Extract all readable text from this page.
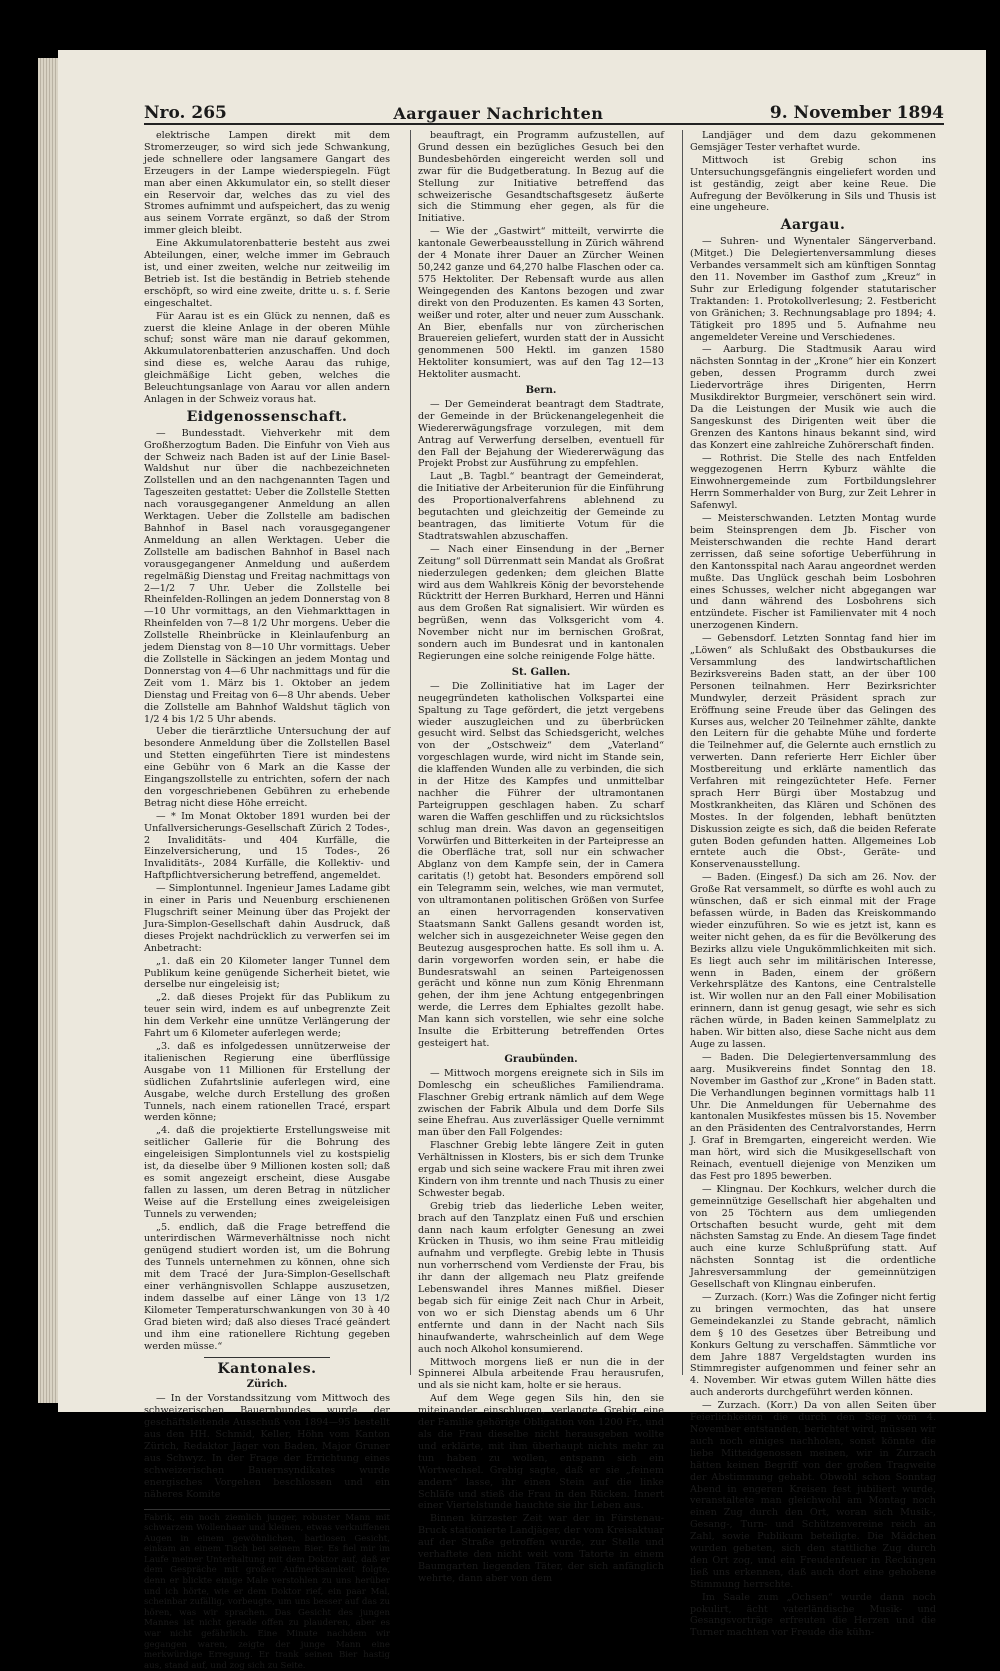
Nro. 265	Aargauer Nachrichten	9. November 1894

elektrische Lampen direkt mit dem Stromerzeuger, so wird sich jede Schwankung, jede schnellere oder langsamere Gangart des Erzeugers in der Lampe wiederspiegeln. Fügt man aber einen Akkumulator ein, so stellt dieser ein Reservoir dar, welches das zu viel des Stromes aufnimmt und aufspeichert, das zu wenig aus seinem Vorrate ergänzt, so daß der Strom immer gleich bleibt.

Eine Akkumulatorenbatterie besteht aus zwei Abteilungen, einer, welche immer im Gebrauch ist, und einer zweiten, welche nur zeitweilig im Betrieb ist. Ist die beständig in Betrieb stehende erschöpft, so wird eine zweite, dritte u. s. f. Serie eingeschaltet.

Für Aarau ist es ein Glück zu nennen, daß es zuerst die kleine Anlage in der oberen Mühle schuf; sonst wäre man nie darauf gekommen, Akkumulatorenbatterien anzuschaffen. Und doch sind diese es, welche Aarau das ruhige, gleichmäßige Licht geben, welches die Beleuchtungsanlage von Aarau vor allen andern Anlagen in der Schweiz voraus hat.

Eidgenossenschaft.

— Bundesstadt. Viehverkehr mit dem Großherzogtum Baden. Die Einfuhr von Vieh aus der Schweiz nach Baden ist auf der Linie Basel-Waldshut nur über die nachbezeichneten Zollstellen und an den nachgenannten Tagen und Tageszeiten gestattet: Ueber die Zollstelle Stetten nach vorausgegangener Anmeldung an allen Werktagen. Ueber die Zollstelle am badischen Bahnhof in Basel nach vorausgegangener Anmeldung an allen Werktagen. Ueber die Zollstelle am badischen Bahnhof in Basel nach vorausgegangener Anmeldung und außerdem regelmäßig Dienstag und Freitag nachmittags von 2—1/2 7 Uhr. Ueber die Zollstelle bei Rheinfelden-Rollingen an jedem Donnerstag von 8—10 Uhr vormittags, an den Viehmarkttagen in Rheinfelden von 7—8 1/2 Uhr morgens. Ueber die Zollstelle Rheinbrücke in Kleinlaufenburg an jedem Dienstag von 8—10 Uhr vormittags. Ueber die Zollstelle in Säckingen an jedem Montag und Donnerstag von 4—6 Uhr nachmittags und für die Zeit vom 1. März bis 1. Oktober an jedem Dienstag und Freitag von 6—8 Uhr abends. Ueber die Zollstelle am Bahnhof Waldshut täglich von 1/2 4 bis 1/2 5 Uhr abends.

Ueber die tierärztliche Untersuchung der auf besondere Anmeldung über die Zollstellen Basel und Stetten eingeführten Tiere ist mindestens eine Gebühr von 6 Mark an die Kasse der Eingangszollstelle zu entrichten, sofern der nach den vorgeschriebenen Gebühren zu erhebende Betrag nicht diese Höhe erreicht.

— * Im Monat Oktober 1891 wurden bei der Unfallversicherungs-Gesellschaft Zürich 2 Todes-, 2 Invaliditäts- und 404 Kurfälle, die Einzelversicherung, und 15 Todes-, 26 Invaliditäts-, 2084 Kurfälle, die Kollektiv- und Haftpflichtversicherung betreffend, angemeldet.

— Simplontunnel. Ingenieur James Ladame gibt in einer in Paris und Neuenburg erschienenen Flugschrift seiner Meinung über das Projekt der Jura-Simplon-Gesellschaft dahin Ausdruck, daß dieses Projekt nachdrücklich zu verwerfen sei im Anbetracht:

„1. daß ein 20 Kilometer langer Tunnel dem Publikum keine genügende Sicherheit bietet, wie derselbe nur eingeleisig ist;

„2. daß dieses Projekt für das Publikum zu teuer sein wird, indem es auf unbegrenzte Zeit hin dem Verkehr eine unnütze Verlängerung der Fahrt um 6 Kilometer auferlegen werde;

„3. daß es infolgedessen unnützerweise der italienischen Regierung eine überflüssige Ausgabe von 11 Millionen für Erstellung der südlichen Zufahrtslinie auferlegen wird, eine Ausgabe, welche durch Erstellung des großen Tunnels, nach einem rationellen Tracé, erspart werden könne;

„4. daß die projektierte Erstellungsweise mit seitlicher Gallerie für die Bohrung des eingeleisigen Simplontunnels viel zu kostspielig ist, da dieselbe über 9 Millionen kosten soll; daß es somit angezeigt erscheint, diese Ausgabe fallen zu lassen, um deren Betrag in nützlicher Weise auf die Erstellung eines zweigeleisigen Tunnels zu verwenden;

„5. endlich, daß die Frage betreffend die unterirdischen Wärmeverhältnisse noch nicht genügend studiert worden ist, um die Bohrung des Tunnels unternehmen zu können, ohne sich mit dem Tracé der Jura-Simplon-Gesellschaft einer verhängnisvollen Schlappe auszusetzen, indem dasselbe auf einer Länge von 13 1/2 Kilometer Temperaturschwankungen von 30 à 40 Grad bieten wird; daß also dieses Tracé geändert und ihm eine rationellere Richtung gegeben werden müsse.“

Kantonales.
Zürich.

— In der Vorstandssitzung vom Mittwoch des schweizerischen Bauernbundes wurde der geschäftsleitende Ausschuß von 1894—95 bestellt aus den HH. Schmid, Keller, Höhn vom Kanton Zürich, Redaktor Jäger von Baden, Major Gruner aus Schwyz. In der Frage der Errichtung eines schweizerischen Bauernsyndikates wurde energisches Vorgehen beschlossen und ein näheres Komite

Fabrik, ein noch ziemlich junger, robuster Mann mit schwarzem Wollenhaar und kleinen, etwas verkniffenen Augen in einem gewöhnlichen, bartlosen Gesicht, einkam an einem Tisch bei seinem Bier. Es fiel mir im Laufe meiner Unterhaltung mit dem Doktor auf, daß er dem Gespräche mit großer Aufmerksamkeit folgte, denn er blickte einige Male verstohlen zu uns herüber und ich hörte, wie er dem Doktor rief, ein paar Mal, scheinbar zufällig, vorbeugte, um uns besser auf das zu hören, was wir sprachen. Das Gesicht des jungen Mannes ist nicht gerade offen zu plauderen, aber es war nicht gefährlich. Eine Minute nachdem wir gegangen waren, zeigte der junge Mann eine merkwürdige Erregung. Er trank seinen Bier hastig aus, stand auf, und zog sich zu Seite.

beauftragt, ein Programm aufzustellen, auf Grund dessen ein bezügliches Gesuch bei den Bundesbehörden eingereicht werden soll und zwar für die Budgetberatung. In Bezug auf die Stellung zur Initiative betreffend das schweizerische Gesandtschaftsgesetz äußerte sich die Stimmung eher gegen, als für die Initiative.

— Wie der „Gastwirt“ mitteilt, verwirrte die kantonale Gewerbeausstellung in Zürich während der 4 Monate ihrer Dauer an Zürcher Weinen 50,242 ganze und 64,270 halbe Flaschen oder ca. 575 Hektoliter. Der Rebensaft wurde aus allen Weingegenden des Kantons bezogen und zwar direkt von den Produzenten. Es kamen 43 Sorten, weißer und roter, alter und neuer zum Ausschank. An Bier, ebenfalls nur von zürcherischen Brauereien geliefert, wurden statt der in Aussicht genommenen 500 Hektl. im ganzen 1580 Hektoliter konsumiert, was auf den Tag 12—13 Hektoliter ausmacht.

Bern.

— Der Gemeinderat beantragt dem Stadtrate, der Gemeinde in der Brückenangelegenheit die Wiedererwägungsfrage vorzulegen, mit dem Antrag auf Verwerfung derselben, eventuell für den Fall der Bejahung der Wiedererwägung das Projekt Probst zur Ausführung zu empfehlen.

Laut „B. Tagbl.“ beantragt der Gemeinderat, die Initiative der Arbeiterunion für die Einführung des Proportionalverfahrens ablehnend zu begutachten und gleichzeitig der Gemeinde zu beantragen, das limitierte Votum für die Stadtratswahlen abzuschaffen.

— Nach einer Einsendung in der „Berner Zeitung“ soll Dürrenmatt sein Mandat als Großrat niederzulegen gedenken; dem gleichen Blatte wird aus dem Wahlkreis König der bevorstehende Rücktritt der Herren Burkhard, Herren und Hänni aus dem Großen Rat signalisiert. Wir würden es begrüßen, wenn das Volksgericht vom 4. November nicht nur im bernischen Großrat, sondern auch im Bundesrat und in kantonalen Regierungen eine solche reinigende Folge hätte.

St. Gallen.

— Die Zollinitiative hat im Lager der neugegründeten katholischen Volkspartei eine Spaltung zu Tage gefördert, die jetzt vergebens wieder auszugleichen und zu überbrücken gesucht wird. Selbst das Schiedsgericht, welches von der „Ostschweiz“ dem „Vaterland“ vorgeschlagen wurde, wird nicht im Stande sein, die klaffenden Wunden alle zu verbinden, die sich in der Hitze des Kampfes und unmittelbar nachher die Führer der ultramontanen Parteigruppen geschlagen haben. Zu scharf waren die Waffen geschliffen und zu rücksichtslos schlug man drein. Was davon an gegenseitigen Vorwürfen und Bitterkeiten in der Parteipresse an die Oberfläche trat, soll nur ein schwacher Abglanz von dem Kampfe sein, der in Camera caritatis (!) getobt hat. Besonders empörend soll ein Telegramm sein, welches, wie man vermutet, von ultramontanen politischen Größen von Surfee an einen hervorragenden konservativen Staatsmann Sankt Gallens gesandt worden ist, welcher sich in ausgezeichneter Weise gegen den Beutezug ausgesprochen hatte. Es soll ihm u. A. darin vorgeworfen worden sein, er habe die Bundesratswahl an seinen Parteigenossen gerächt und könne nun zum König Ehrenmann gehen, der ihm jene Achtung entgegenbringen werde, die Lerres dem Ephialtes gezollt habe. Man kann sich vorstellen, wie sehr eine solche Insulte die Erbitterung betreffenden Ortes gesteigert hat.

Graubünden.

— Mittwoch morgens ereignete sich in Sils im Domleschg ein scheußliches Familiendrama. Flaschner Grebig ertrank nämlich auf dem Wege zwischen der Fabrik Albula und dem Dorfe Sils seine Ehefrau. Aus zuverlässiger Quelle vernimmt man über den Fall Folgendes:

Flaschner Grebig lebte längere Zeit in guten Verhältnissen in Klosters, bis er sich dem Trunke ergab und sich seine wackere Frau mit ihren zwei Kindern von ihm trennte und nach Thusis zu einer Schwester begab.

Grebig trieb das liederliche Leben weiter, brach auf den Tanzplatz einen Fuß und erschien dann nach kaum erfolgter Genesung an zwei Krücken in Thusis, wo ihm seine Frau mitleidig aufnahm und verpflegte. Grebig lebte in Thusis nun vorherrschend vom Verdienste der Frau, bis ihr dann der allgemach neu Platz greifende Lebenswandel ihres Mannes mißfiel. Dieser begab sich für einige Zeit nach Chur in Arbeit, von wo er sich Dienstag abends um 6 Uhr entfernte und dann in der Nacht nach Sils hinaufwanderte, wahrscheinlich auf dem Wege auch noch Alkohol konsumierend.

Mittwoch morgens ließ er nun die in der Spinnerei Albula arbeitende Frau herausrufen, und als sie nicht kam, holte er sie heraus.

Auf dem Wege gegen Sils hin, den sie miteinander einschlugen, verlangte Grebig eine der Familie gehörige Obligation von 1200 Fr., und als die Frau dieselbe nicht herausgeben wollte und erklärte, mit ihm überhaupt nichts mehr zu tun haben zu wollen, entspann sich ein Wortwechsel. Grebig sagte, daß er sie „feinem andern“ lasse, ihr einen Stein auf die linke Schläfe und stieß die Frau in den Rücken. Innert einer Viertelstunde hauchte sie ihr Leben aus.

Binnen kürzester Zeit war der in Fürstenau-Bruck stationierte Landjäger, der vom Kreisaktuar auf der Straße getroffen wurde, zur Stelle und verhaftete den nicht weit vom Tatorte in einem Baumgarten liegenden Täter, der sich anfänglich wehrte, dann aber von dem

Landjäger und dem dazu gekommenen Gemsjäger Tester verhaftet wurde.

Mittwoch ist Grebig schon ins Untersuchungsgefängnis eingeliefert worden und ist geständig, zeigt aber keine Reue. Die Aufregung der Bevölkerung in Sils und Thusis ist eine ungeheure.

Aargau.

— Suhren- und Wynentaler Sängerverband. (Mitget.) Die Delegiertenversammlung dieses Verbandes versammelt sich am künftigen Sonntag den 11. November im Gasthof zum „Kreuz“ in Suhr zur Erledigung folgender statutarischer Traktanden: 1. Protokollverlesung; 2. Festbericht von Gränichen; 3. Rechnungsablage pro 1894; 4. Tätigkeit pro 1895 und 5. Aufnahme neu angemeldeter Vereine und Verschiedenes.

— Aarburg. Die Stadtmusik Aarau wird nächsten Sonntag in der „Krone“ hier ein Konzert geben, dessen Programm durch zwei Liedervorträge ihres Dirigenten, Herrn Musikdirektor Burgmeier, verschönert sein wird. Da die Leistungen der Musik wie auch die Sangeskunst des Dirigenten weit über die Grenzen des Kantons hinaus bekannt sind, wird das Konzert eine zahlreiche Zuhörerschaft finden.

— Rothrist. Die Stelle des nach Entfelden weggezogenen Herrn Kyburz wählte die Einwohnergemeinde zum Fortbildungslehrer Herrn Sommerhalder von Burg, zur Zeit Lehrer in Safenwyl.

— Meisterschwanden. Letzten Montag wurde beim Steinsprengen dem Jb. Fischer von Meisterschwanden die rechte Hand derart zerrissen, daß seine sofortige Ueberführung in den Kantonsspital nach Aarau angeordnet werden mußte. Das Unglück geschah beim Losbohren eines Schusses, welcher nicht abgegangen war und dann während des Losbohrens sich entzündete. Fischer ist Familienvater mit 4 noch unerzogenen Kindern.

— Gebensdorf. Letzten Sonntag fand hier im „Löwen“ als Schlußakt des Obstbaukurses die Versammlung des landwirtschaftlichen Bezirksvereins Baden statt, an der über 100 Personen teilnahmen. Herr Bezirksrichter Mundwyler, derzeit Präsident sprach zur Eröffnung seine Freude über das Gelingen des Kurses aus, welcher 20 Teilnehmer zählte, dankte den Leitern für die gehabte Mühe und forderte die Teilnehmer auf, die Gelernte auch ernstlich zu verwerten. Dann referierte Herr Eichler über Mostbereitung und erklärte namentlich das Verfahren mit reingezüchteter Hefe. Ferner sprach Herr Bürgi über Mostabzug und Mostkrankheiten, das Klären und Schönen des Mostes. In der folgenden, lebhaft benützten Diskussion zeigte es sich, daß die beiden Referate guten Boden gefunden hatten. Allgemeines Lob erntete auch die Obst-, Geräte- und Konservenausstellung.

— Baden. (Eingesf.) Da sich am 26. Nov. der Große Rat versammelt, so dürfte es wohl auch zu wünschen, daß er sich einmal mit der Frage befassen würde, in Baden das Kreiskommando wieder einzuführen. So wie es jetzt ist, kann es weiter nicht gehen, da es für die Bevölkerung des Bezirks allzu viele Ungukömmlichkeiten mit sich. Es liegt auch sehr im militärischen Interesse, wenn in Baden, einem der größern Verkehrsplätze des Kantons, eine Centralstelle ist. Wir wollen nur an den Fall einer Mobilisation erinnern, dann ist genug gesagt, wie sehr es sich rächen würde, in Baden keinen Sammelplatz zu haben. Wir bitten also, diese Sache nicht aus dem Auge zu lassen.

— Baden. Die Delegiertenversammlung des aarg. Musikvereins findet Sonntag den 18. November im Gasthof zur „Krone“ in Baden statt. Die Verhandlungen beginnen vormittags halb 11 Uhr. Die Anmeldungen für Uebernahme des kantonalen Musikfestes müssen bis 15. November an den Präsidenten des Centralvorstandes, Herrn J. Graf in Bremgarten, eingereicht werden. Wie man hört, wird sich die Musikgesellschaft von Reinach, eventuell diejenige von Menziken um das Fest pro 1895 bewerben.

— Klingnau. Der Kochkurs, welcher durch die gemeinnützige Gesellschaft hier abgehalten und von 25 Töchtern aus dem umliegenden Ortschaften besucht wurde, geht mit dem nächsten Samstag zu Ende. An diesem Tage findet auch eine kurze Schlußprüfung statt. Auf nächsten Sonntag ist die ordentliche Jahresversammlung der gemeinnützigen Gesellschaft von Klingnau einberufen.

— Zurzach. (Korr.) Was die Zofinger nicht fertig zu bringen vermochten, das hat unsere Gemeindekanzlei zu Stande gebracht, nämlich dem § 10 des Gesetzes über Betreibung und Konkurs Geltung zu verschaffen. Sämmtliche vor dem Jahre 1887 Vergeldstagten wurden ins Stimmregister aufgenommen und feiner sehr an 4. November. Wir etwas gutem Willen hätte dies auch anderorts durchgeführt werden können.

— Zurzach. (Korr.) Da von allen Seiten über Feierlichkeiten die durch den Sieg vom 4. November entstanden, berichtet wird, müssen wir auch noch einiges nachholen, sonst könnte die liebe Mitteidgenossen meinen, wir in Zurzach hätten keinen Begriff von der großen Tragweite der Abstimmung gehabt. Obwohl schon Sonntag Abend in engeren Kreisen fest jubiliert wurde, veranstaltete man gleichwohl am Montag noch einen Zug durch den Ort, woran sich Musik-, Gesang-, Turn- und Schützenvereine reich an Zahl, sowie Publikum beteiligte. Die Mädchen wurden gebeten, sich den stattliche Zug durch den Ort zog, und ein Freudenfeuer in Reckingen ließ uns erkennen, daß auch dort eine gehobene Stimmung herrschte.

Im Saale zum „Ochsen“ wurde dann noch pokulirt, ächt vaterländische Musik- und Gesangsvorträge erfreuten die Herzen und die Turner machten vor Freude die kühn-
